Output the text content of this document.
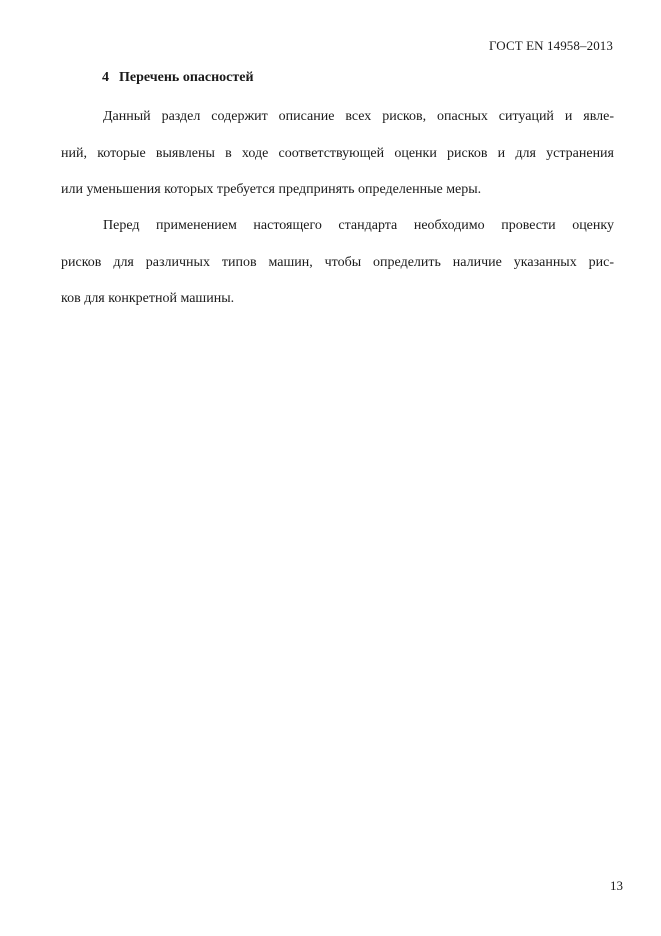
ГОСТ EN 14958–2013
4 Перечень опасностей
Данный раздел содержит описание всех рисков, опасных ситуаций и явле-
ний, которые выявлены в ходе соответствующей оценки рисков и для устранения
или уменьшения которых требуется предпринять определенные меры.
Перед применением настоящего стандарта необходимо провести оценку
рисков для различных типов машин, чтобы определить наличие указанных рис-
ков для конкретной машины.
13
